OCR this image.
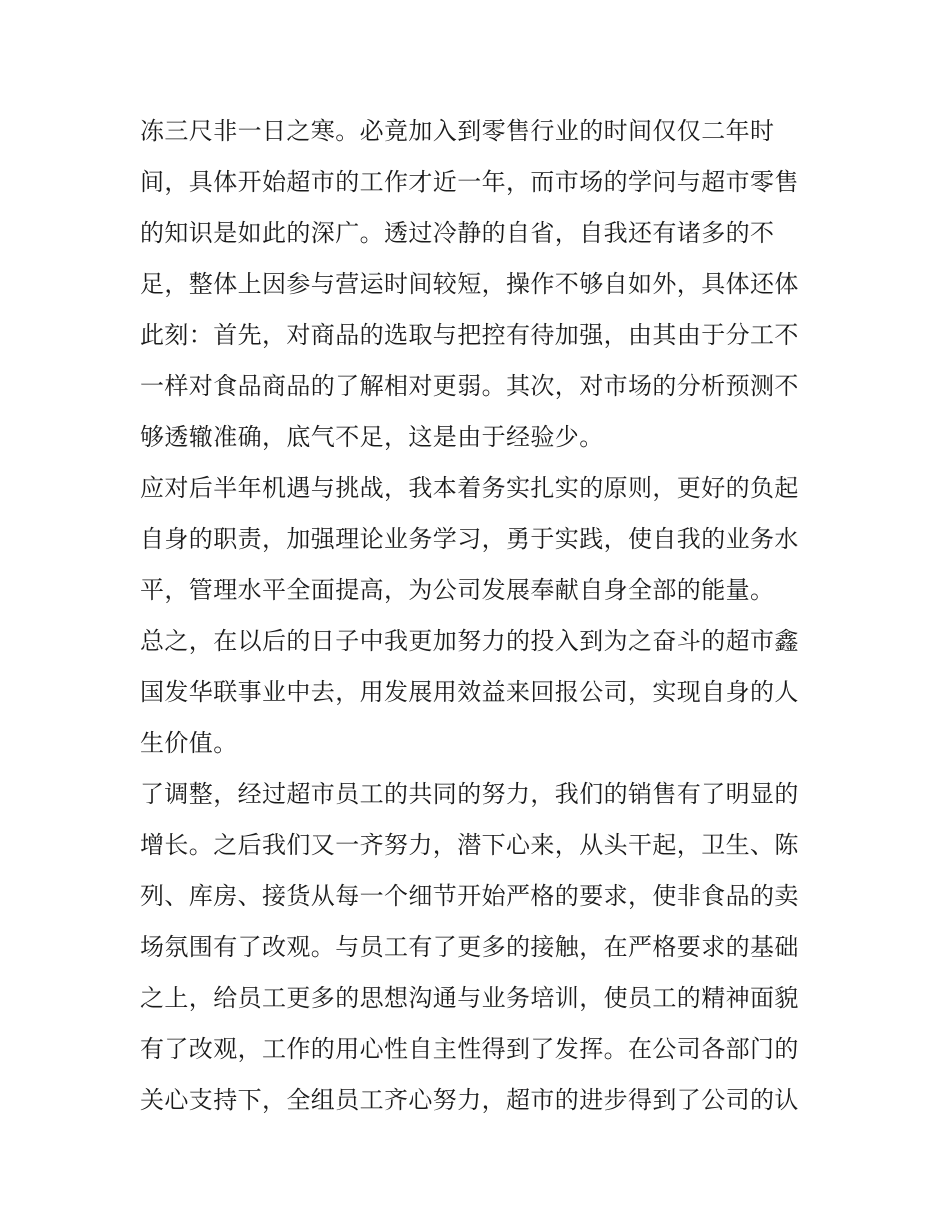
冻三尺非一日之寒。必竟加入到零售行业的时间仅仅二年时
间，具体开始超市的工作才近一年，而市场的学问与超市零售
的知识是如此的深广。透过冷静的自省，自我还有诸多的不
足，整体上因参与营运时间较短，操作不够自如外，具体还体
此刻：首先，对商品的选取与把控有待加强，由其由于分工不
一样对食品商品的了解相对更弱。其次，对市场的分析预测不
够透辙准确，底气不足，这是由于经验少。
应对后半年机遇与挑战，我本着务实扎实的原则，更好的负起
自身的职责，加强理论业务学习，勇于实践，使自我的业务水
平，管理水平全面提高，为公司发展奉献自身全部的能量。
总之，在以后的日子中我更加努力的投入到为之奋斗的超市鑫
国发华联事业中去，用发展用效益来回报公司，实现自身的人
生价值。
了调整，经过超市员工的共同的努力，我们的销售有了明显的
增长。之后我们又一齐努力，潜下心来，从头干起，卫生、陈
列、库房、接货从每一个细节开始严格的要求，使非食品的卖
场氛围有了改观。与员工有了更多的接触，在严格要求的基础
之上，给员工更多的思想沟通与业务培训，使员工的精神面貌
有了改观，工作的用心性自主性得到了发挥。在公司各部门的
关心支持下，全组员工齐心努力，超市的进步得到了公司的认
